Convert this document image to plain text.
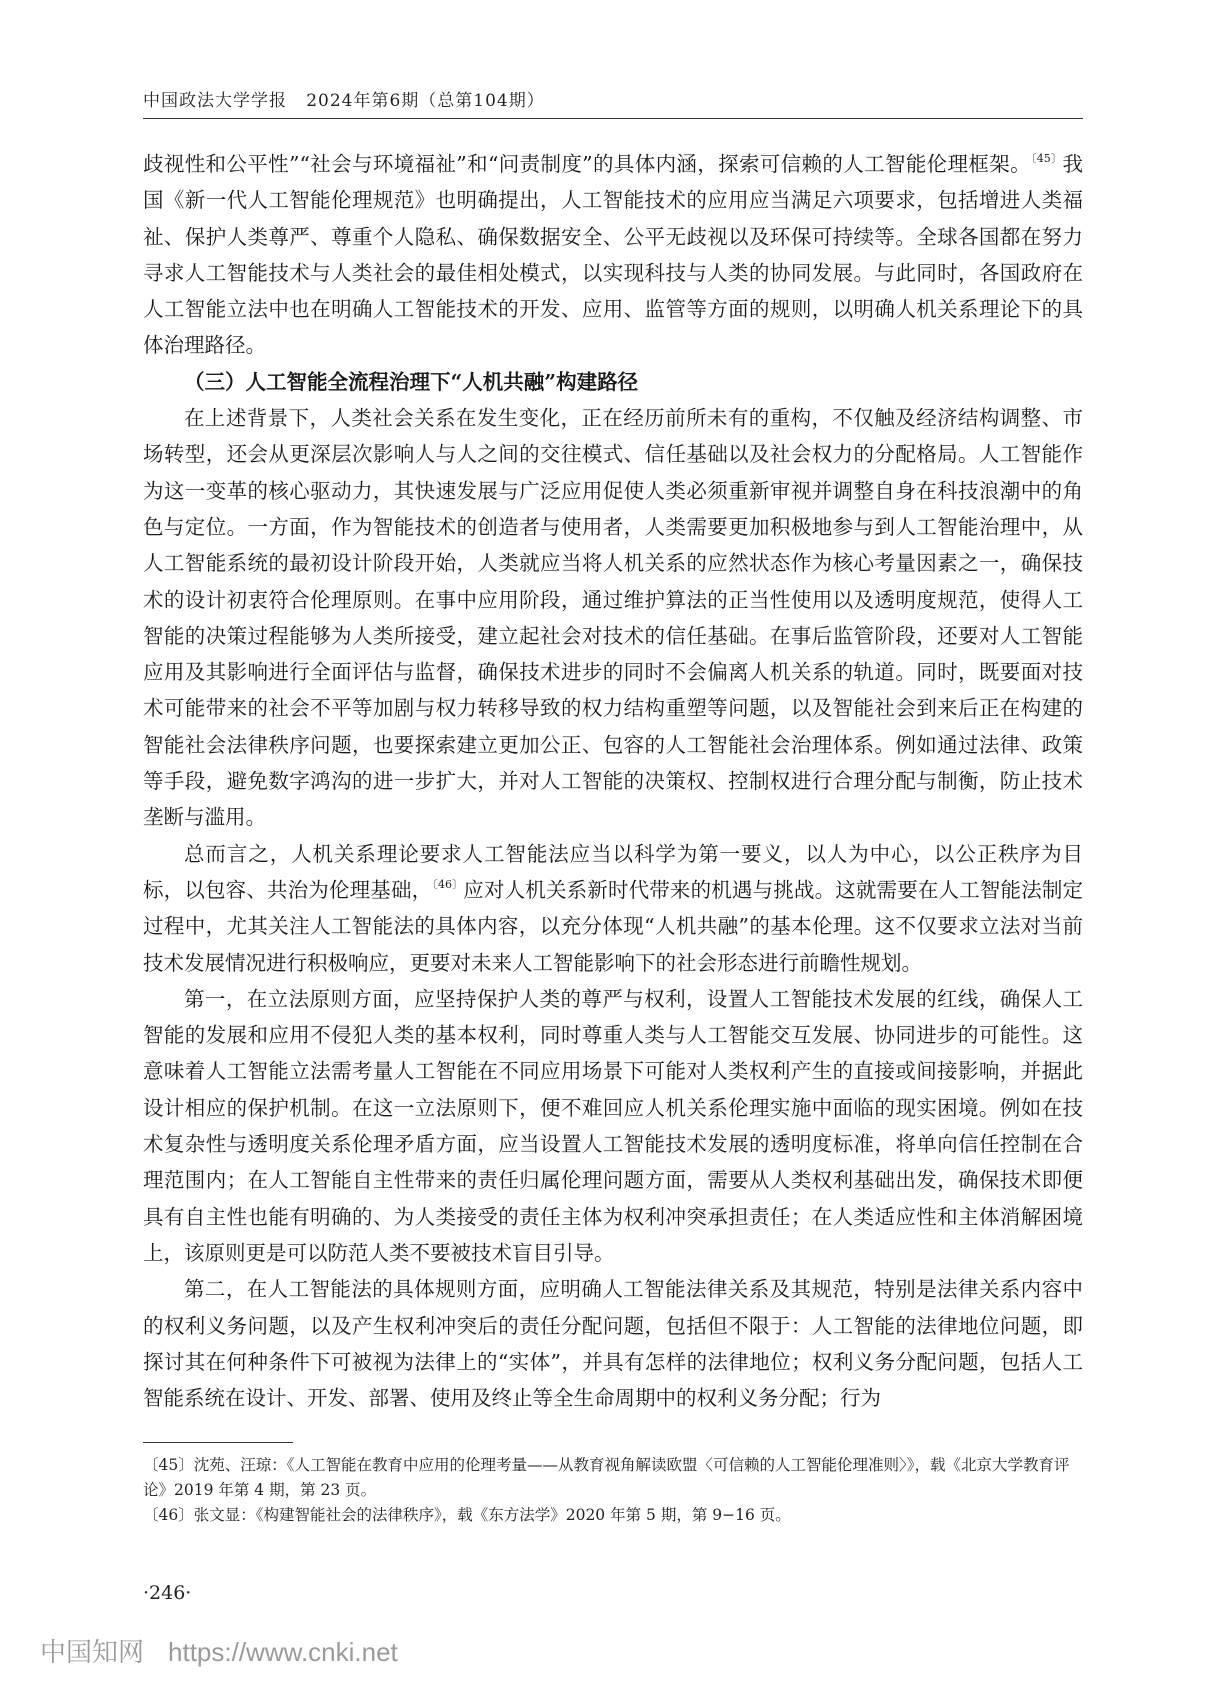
中国政法大学学报 2024年第6期（总第104期）

歧视性和公平性”“社会与环境福祉”和“问责制度”的具体内涵，探索可信赖的人工智能伦理框架。$^{〔45〕}$我国《新一代人工智能伦理规范》也明确提出，人工智能技术的应用应当满足六项要求，包括增进人类福祉、保护人类尊严、尊重个人隐私、确保数据安全、公平无歧视以及环保可持续等。全球各国都在努力寻求人工智能技术与人类社会的最佳相处模式，以实现科技与人类的协同发展。与此同时，各国政府在人工智能立法中也在明确人工智能技术的开发、应用、监管等方面的规则，以明确人机关系理论下的具体治理路径。

（三）人工智能全流程治理下“人机共融”构建路径

在上述背景下，人类社会关系在发生变化，正在经历前所未有的重构，不仅触及经济结构调整、市场转型，还会从更深层次影响人与人之间的交往模式、信任基础以及社会权力的分配格局。人工智能作为这一变革的核心驱动力，其快速发展与广泛应用促使人类必须重新审视并调整自身在科技浪潮中的角色与定位。一方面，作为智能技术的创造者与使用者，人类需要更加积极地参与到人工智能治理中，从人工智能系统的最初设计阶段开始，人类就应当将人机关系的应然状态作为核心考量因素之一，确保技术的设计初衷符合伦理原则。在事中应用阶段，通过维护算法的正当性使用以及透明度规范，使得人工智能的决策过程能够为人类所接受，建立起社会对技术的信任基础。在事后监管阶段，还要对人工智能应用及其影响进行全面评估与监督，确保技术进步的同时不会偏离人机关系的轨道。同时，既要面对技术可能带来的社会不平等加剧与权力转移导致的权力结构重塑等问题，以及智能社会到来后正在构建的智能社会法律秩序问题，也要探索建立更加公正、包容的人工智能社会治理体系。例如通过法律、政策等手段，避免数字鸿沟的进一步扩大，并对人工智能的决策权、控制权进行合理分配与制衡，防止技术垄断与滥用。

总而言之，人机关系理论要求人工智能法应当以科学为第一要义，以人为中心，以公正秩序为目标，以包容、共治为伦理基础，$^{〔46〕}$应对人机关系新时代带来的机遇与挑战。这就需要在人工智能法制定过程中，尤其关注人工智能法的具体内容，以充分体现“人机共融”的基本伦理。这不仅要求立法对当前技术发展情况进行积极响应，更要对未来人工智能影响下的社会形态进行前瞻性规划。

第一，在立法原则方面，应坚持保护人类的尊严与权利，设置人工智能技术发展的红线，确保人工智能的发展和应用不侵犯人类的基本权利，同时尊重人类与人工智能交互发展、协同进步的可能性。这意味着人工智能立法需考量人工智能在不同应用场景下可能对人类权利产生的直接或间接影响，并据此设计相应的保护机制。在这一立法原则下，便不难回应人机关系伦理实施中面临的现实困境。例如在技术复杂性与透明度关系伦理矛盾方面，应当设置人工智能技术发展的透明度标准，将单向信任控制在合理范围内；在人工智能自主性带来的责任归属伦理问题方面，需要从人类权利基础出发，确保技术即便具有自主性也能有明确的、为人类接受的责任主体为权利冲突承担责任；在人类适应性和主体消解困境上，该原则更是可以防范人类不要被技术盲目引导。

第二，在人工智能法的具体规则方面，应明确人工智能法律关系及其规范，特别是法律关系内容中的权利义务问题，以及产生权利冲突后的责任分配问题，包括但不限于：人工智能的法律地位问题，即探讨其在何种条件下可被视为法律上的“实体”，并具有怎样的法律地位；权利义务分配问题，包括人工智能系统在设计、开发、部署、使用及终止等全生命周期中的权利义务分配；行为

〔45〕沈苑、汪琼：《人工智能在教育中应用的伦理考量——从教育视角解读欧盟〈可信赖的人工智能伦理准则〉》，载《北京大学教育评论》2019 年第 4 期，第 23 页。

〔46〕张文显：《构建智能社会的法律秩序》，载《东方法学》2020 年第 5 期，第 9−16 页。

·246·
中国知网 https://www.cnki.net
